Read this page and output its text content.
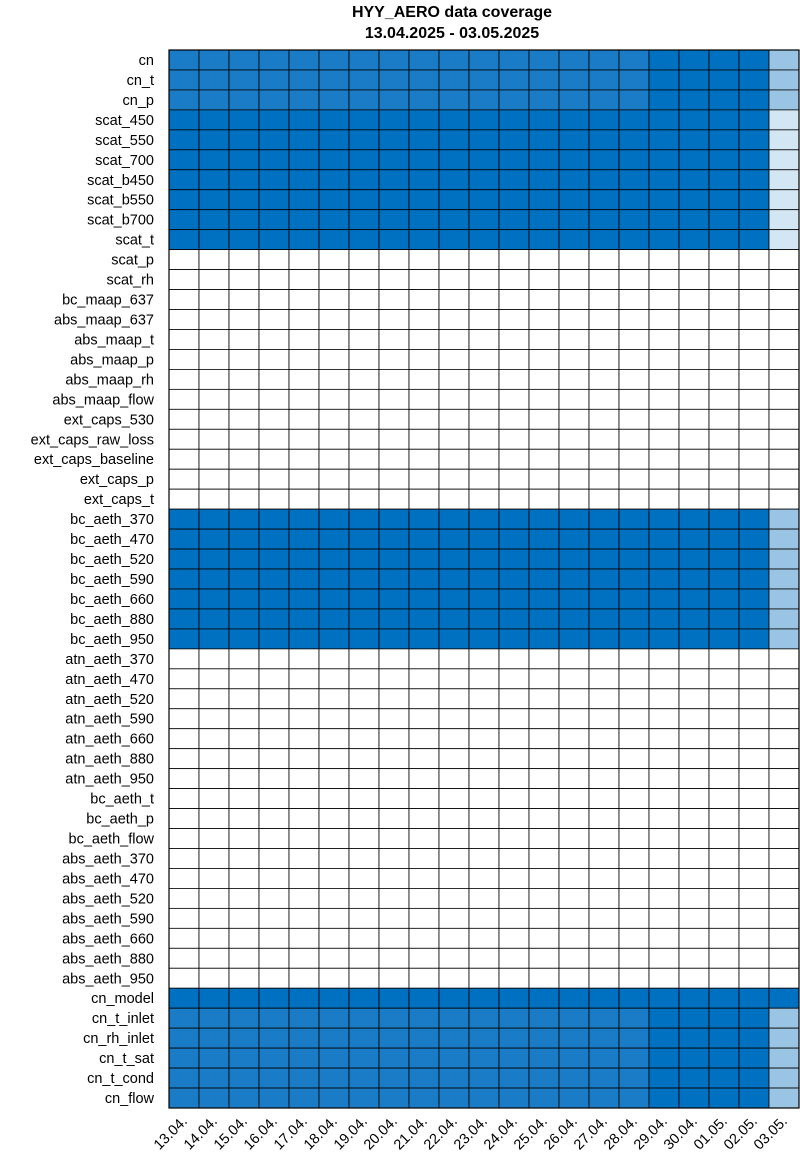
HYY_AERO data coverage
13.04.2025 - 03.05.2025
cn
cn_t
cn_p
scat_450
scat_550
scat_700
scat_b450
scat_b550
scat_b700
scat_t
scat_p
scat_rh
bc_maap_637
abs_maap_637
abs_maap_t
abs_maap_p
abs_maap_rh
abs_maap_flow
ext_caps_530
ext_caps_raw_loss
ext_caps_baseline
ext_caps_p
ext_caps_t
bc_aeth_370
bc_aeth_470
bc_aeth_520
bc_aeth_590
bc_aeth_660
bc_aeth_880
bc_aeth_950
atn_aeth_370
atn_aeth_470
atn_aeth_520
atn_aeth_590
atn_aeth_660
atn_aeth_880
atn_aeth_950
bc_aeth_t
bc_aeth_p
bc_aeth_flow
abs_aeth_370
abs_aeth_470
abs_aeth_520
abs_aeth_590
abs_aeth_660
abs_aeth_880
abs_aeth_950
cn_model
cn_t_inlet
cn_rh_inlet
cn_t_sat
cn_t_cond
cn_flow
13.04.
14.04.
15.04.
16.04.
17.04.
18.04.
19.04.
20.04.
21.04.
22.04.
23.04.
24.04.
25.04.
26.04.
27.04.
28.04.
29.04.
30.04.
01.05.
02.05.
03.05.
